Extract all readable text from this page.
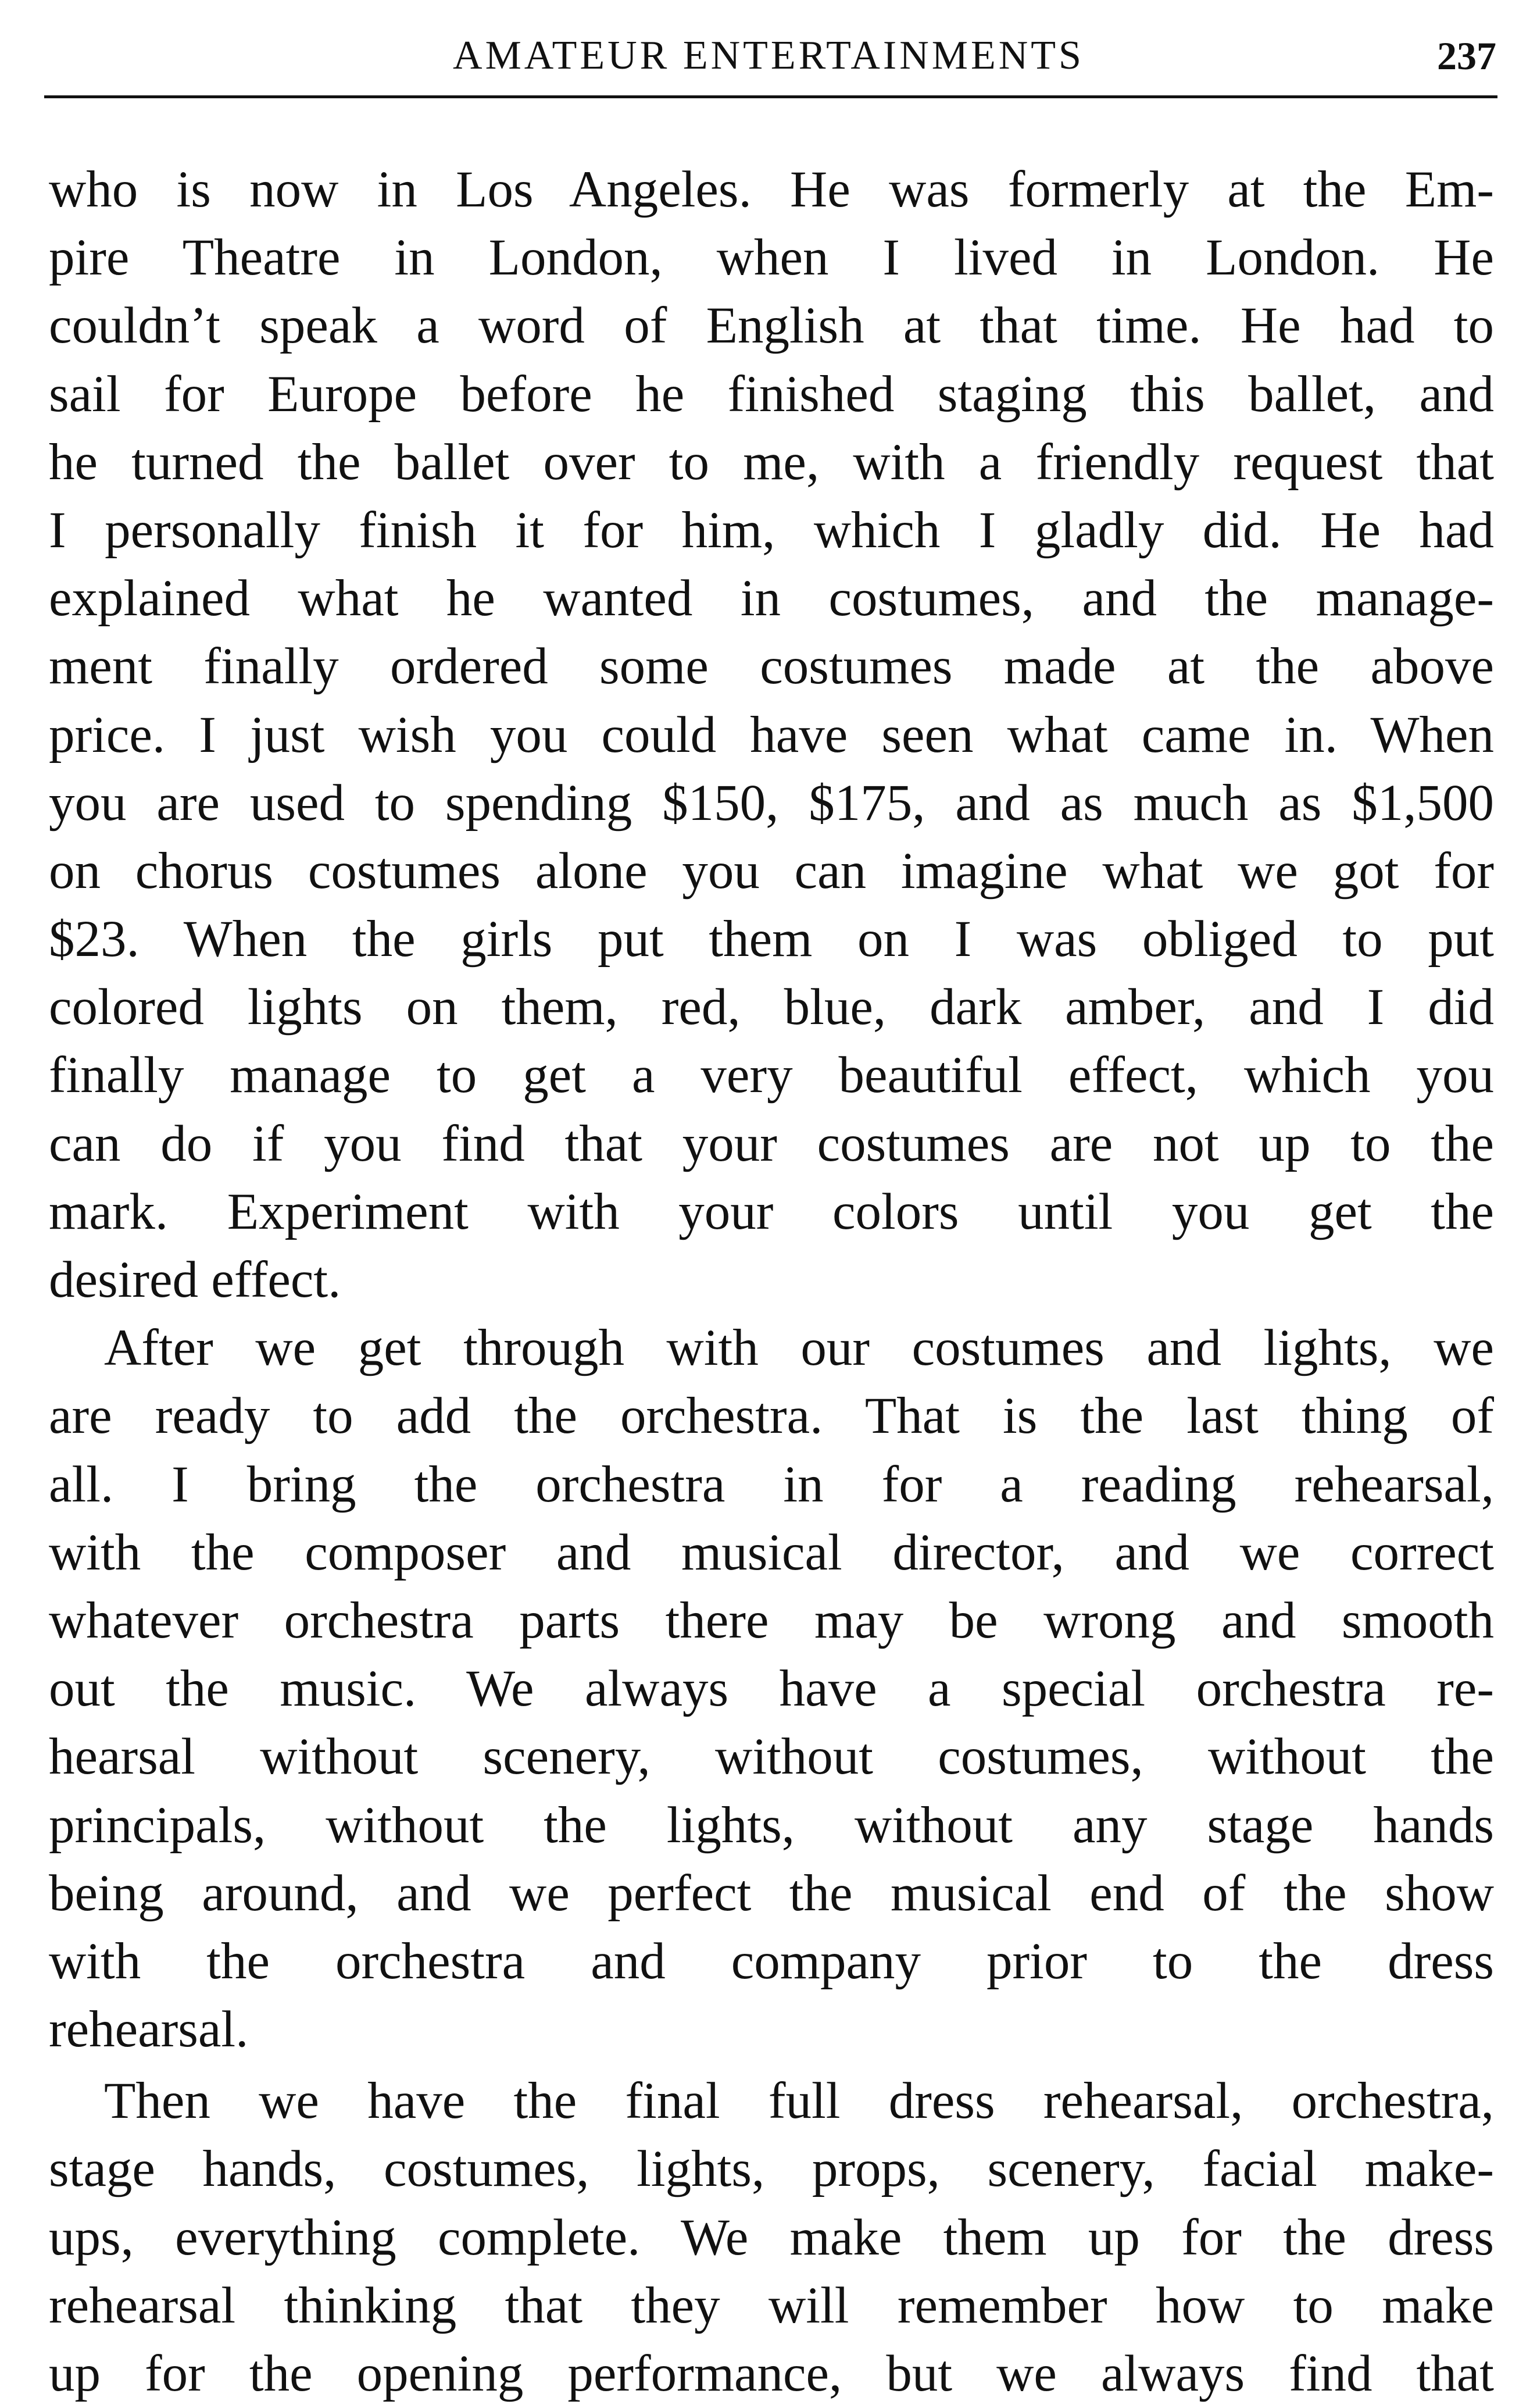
AMATEUR ENTERTAINMENTS	237
who is now in Los Angeles. He was formerly at the Em-
pire Theatre in London, when I lived in London. He
couldn’t speak a word of English at that time. He had to
sail for Europe before he finished staging this ballet, and
he turned the ballet over to me, with a friendly request that
I personally finish it for him, which I gladly did. He had
explained what he wanted in costumes, and the manage-
ment finally ordered some costumes made at the above
price. I just wish you could have seen what came in. When
you are used to spending $150, $175, and as much as $1,500
on chorus costumes alone you can imagine what we got for
$23. When the girls put them on I was obliged to put
colored lights on them, red, blue, dark amber, and I did
finally manage to get a very beautiful effect, which you
can do if you find that your costumes are not up to the
mark. Experiment with your colors until you get the
desired effect.
After we get through with our costumes and lights, we
are ready to add the orchestra. That is the last thing of
all. I bring the orchestra in for a reading rehearsal,
with the composer and musical director, and we correct
whatever orchestra parts there may be wrong and smooth
out the music. We always have a special orchestra re-
hearsal without scenery, without costumes, without the
principals, without the lights, without any stage hands
being around, and we perfect the musical end of the show
with the orchestra and company prior to the dress
rehearsal.
Then we have the final full dress rehearsal, orchestra,
stage hands, costumes, lights, props, scenery, facial make-
ups, everything complete. We make them up for the dress
rehearsal thinking that they will remember how to make
up for the opening performance, but we always find that
